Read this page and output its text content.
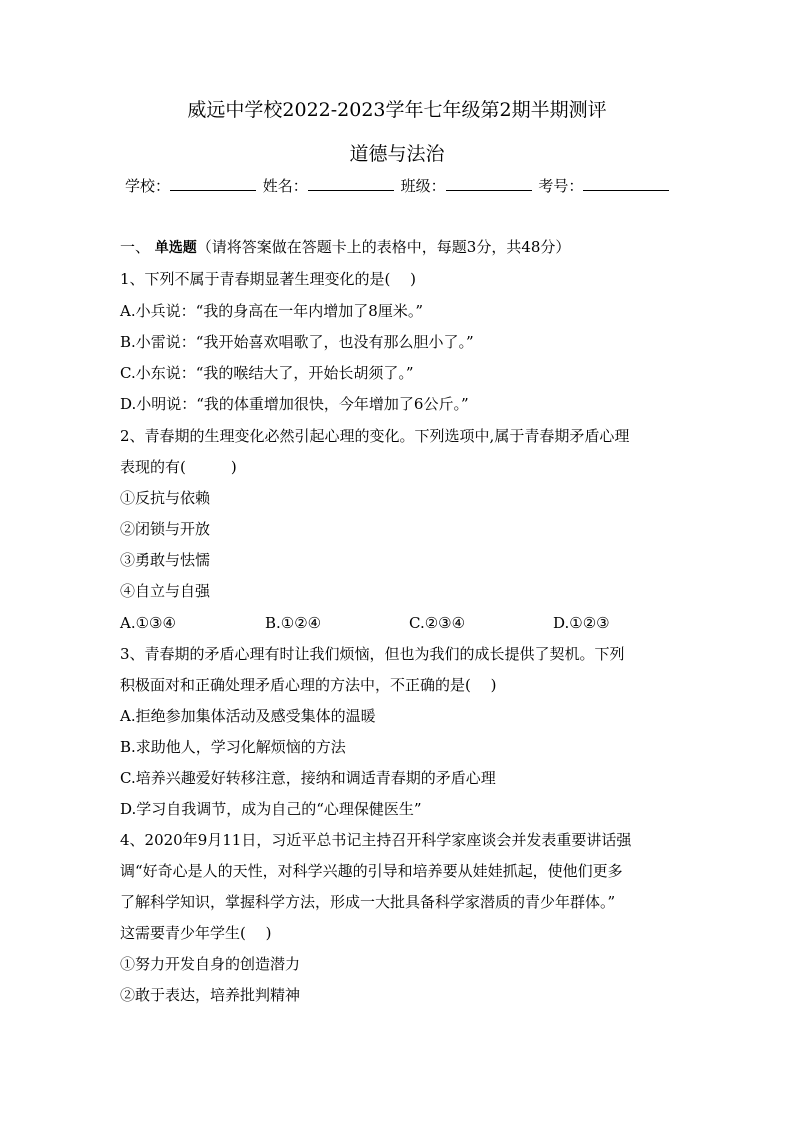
威远中学校2022-2023学年七年级第2期半期测评
道德与法治
学校：	姓名：	班级：	考号：
一、 单选题（请将答案做在答题卡上的表格中，每题3分，共48分）
1、下列不属于青春期显著生理变化的是(　 )
A.小兵说：“我的身高在一年内增加了8厘米。”
B.小雷说：“我开始喜欢唱歌了，也没有那么胆小了。”
C.小东说：“我的喉结大了，开始长胡须了。”
D.小明说：“我的体重增加很快，今年增加了6公斤。”
2、青春期的生理变化必然引起心理的变化。下列选项中,属于青春期矛盾心理
表现的有(　　　)
①反抗与依赖
②闭锁与开放
③勇敢与怯懦
④自立与自强
A.①③④	B.①②④	C.②③④	D.①②③
3、青春期的矛盾心理有时让我们烦恼，但也为我们的成长提供了契机。下列
积极面对和正确处理矛盾心理的方法中，不正确的是(　 )
A.拒绝参加集体活动及感受集体的温暖
B.求助他人，学习化解烦恼的方法
C.培养兴趣爱好转移注意，接纳和调适青春期的矛盾心理
D.学习自我调节，成为自己的“心理保健医生”
4、2020年9月11日，习近平总书记主持召开科学家座谈会并发表重要讲话强
调“好奇心是人的天性，对科学兴趣的引导和培养要从娃娃抓起，使他们更多
了解科学知识，掌握科学方法，形成一大批具备科学家潜质的青少年群体。”
这需要青少年学生(　 )
①努力开发自身的创造潜力
②敢于表达，培养批判精神
